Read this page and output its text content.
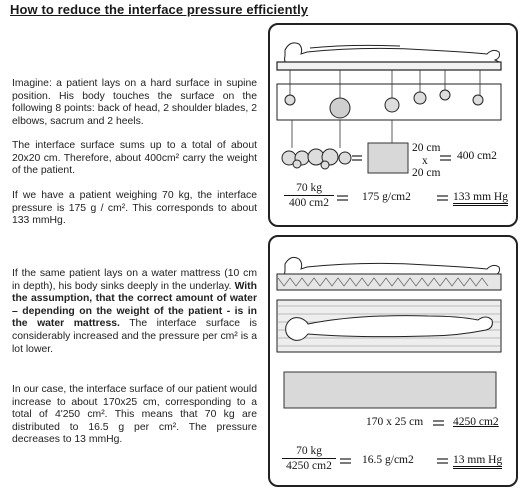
How to reduce the interface pressure efficiently
Imagine: a patient lays on a hard surface in supine position. His body touches the surface on the following 8 points: back of head, 2 shoulder blades, 2 elbows, sacrum and 2 heels.
The interface surface sums up to a total of about 20x20 cm. Therefore, about 400cm² carry the weight of the patient.
If we have a patient weighing 70 kg, the interface pressure is 175 g / cm². This corresponds to about 133 mmHg.
If the same patient lays on a water mattress (10 cm in depth), his body sinks deeply in the underlay. With the assumption, that the correct amount of water – depending on the weight of the patient - is in the water mattress. The interface surface is considerably increased and the pressure per cm² is a lot lower.
In our case, the interface surface of our patient would increase to about 170x25 cm, corresponding to a total of 4'250 cm². This means that 70 kg are distributed to 16.5 g per cm². The pressure decreases to 13 mmHg.
20 cm
x
20 cm
400 cm2
$\frac{70 kg}{400 cm2} 175$ g/cm2	133 mm Hg
170 x 25 cm	4250 cm2
$\frac{70 kg}{4250 cm2} 16.5$ g/cm2	13 mm Hg
